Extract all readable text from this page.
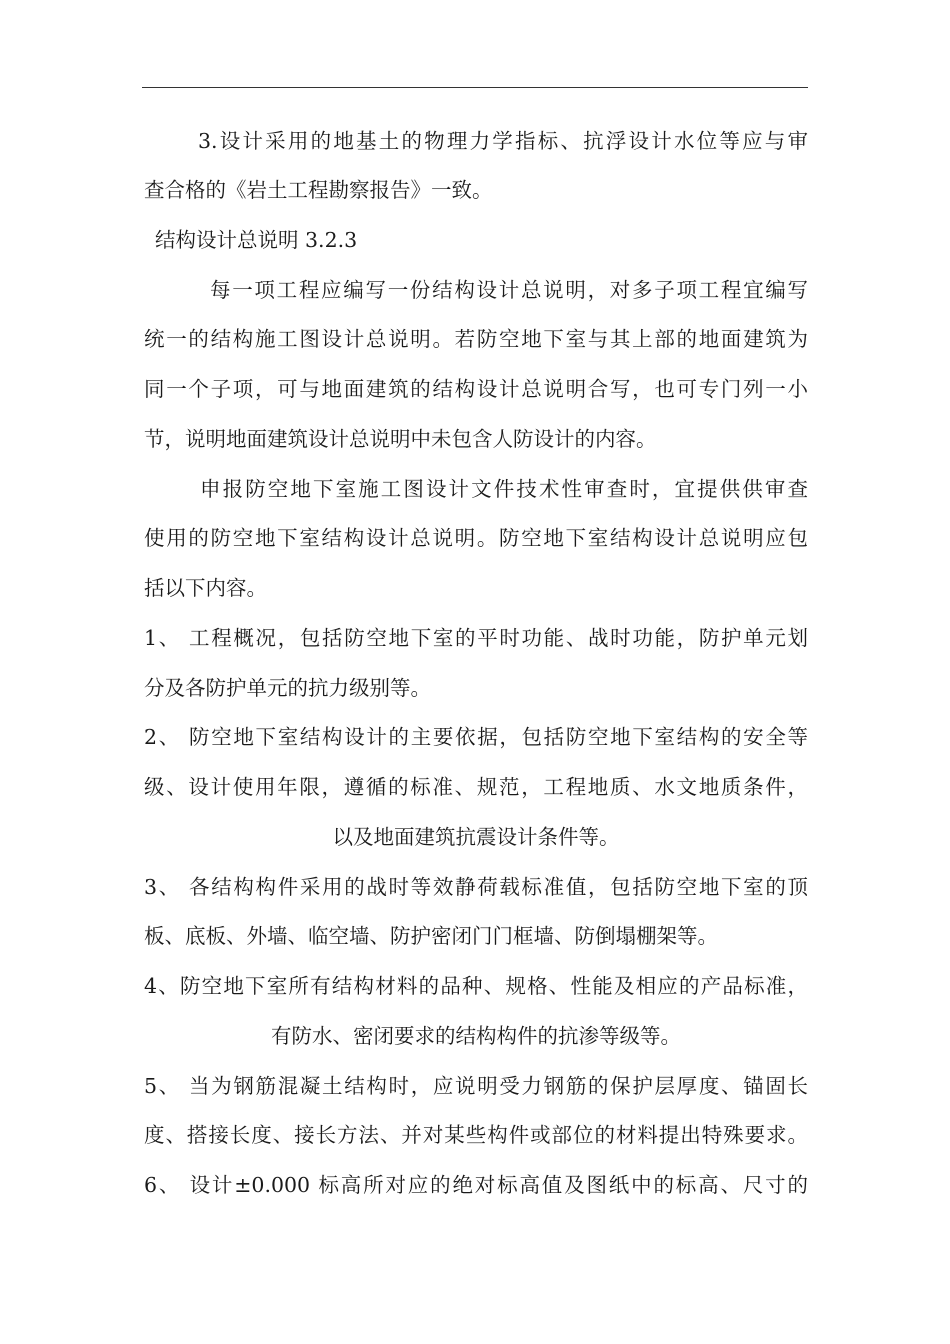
3.设计采用的地基土的物理力学指标、抗浮设计水位等应与审
查合格的《岩土工程勘察报告》一致。
结构设计总说明 3.2.3
每一项工程应编写一份结构设计总说明，对多子项工程宜编写
统一的结构施工图设计总说明。若防空地下室与其上部的地面建筑为
同一个子项，可与地面建筑的结构设计总说明合写，也可专门列一小
节，说明地面建筑设计总说明中未包含人防设计的内容。
申报防空地下室施工图设计文件技术性审查时，宜提供供审查
使用的防空地下室结构设计总说明。防空地下室结构设计总说明应包
括以下内容。
1、 工程概况，包括防空地下室的平时功能、战时功能，防护单元划
分及各防护单元的抗力级别等。
2、 防空地下室结构设计的主要依据，包括防空地下室结构的安全等
级、设计使用年限，遵循的标准、规范，工程地质、水文地质条件，
以及地面建筑抗震设计条件等。
3、 各结构构件采用的战时等效静荷载标准值，包括防空地下室的顶
板、底板、外墙、临空墙、防护密闭门门框墙、防倒塌棚架等。
4、防空地下室所有结构材料的品种、规格、性能及相应的产品标准，
有防水、密闭要求的结构构件的抗渗等级等。
5、 当为钢筋混凝土结构时，应说明受力钢筋的保护层厚度、锚固长
度、搭接长度、接长方法、并对某些构件或部位的材料提出特殊要求。
6、 设计±0.000 标高所对应的绝对标高值及图纸中的标高、尺寸的
